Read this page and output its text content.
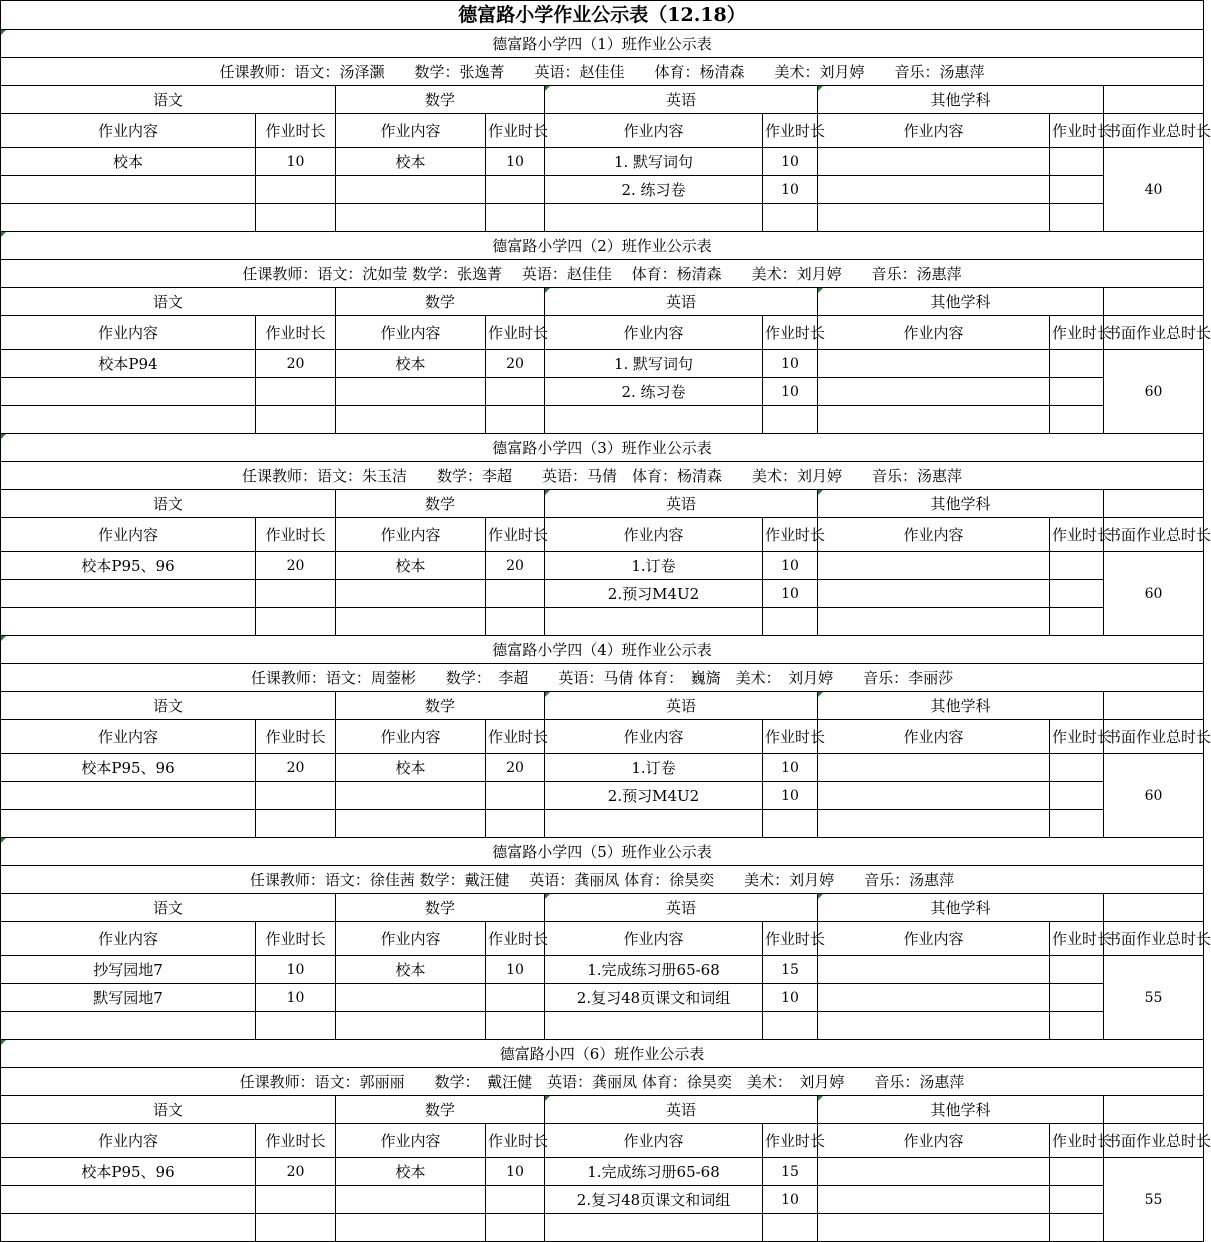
德富路小学作业公示表（12.18）								
德富路小学四（1）班作业公示表								
任课教师：语文：汤泽灏　　数学：张逸菁　　英语：赵佳佳　　体育：杨清森　　美术：刘月婷　　音乐：汤惠萍								
语文		数学		英语		其他学科		
作业内容	作业时长	作业内容	作业时长	作业内容	作业时长	作业内容	作业时长	书面作业总时长
校本	10	校本	10	1. 默写词句	10			40
				2. 练习卷	10			

德富路小学四（2）班作业公示表								
任课教师：语文：沈如莹 数学：张逸菁　 英语：赵佳佳　 体育：杨清森　　美术：刘月婷　　音乐：汤惠萍								
语文		数学		英语		其他学科		
作业内容	作业时长	作业内容	作业时长	作业内容	作业时长	作业内容	作业时长	书面作业总时长
校本P94	20	校本	20	1. 默写词句	10			60
				2. 练习卷	10			

德富路小学四（3）班作业公示表								
任课教师：语文：朱玉洁　　数学：李超　　英语：马倩　体育：杨清森　　美术：刘月婷　　音乐：汤惠萍								
语文		数学		英语		其他学科		
作业内容	作业时长	作业内容	作业时长	作业内容	作业时长	作业内容	作业时长	书面作业总时长
校本P95、96	20	校本	20	1.订卷	10			60
				2.预习M4U2	10			

德富路小学四（4）班作业公示表								
任课教师：语文：周蓥彬　　数学：　李超　　英语：马倩 体育：　巍旖　美术：　刘月婷　　音乐：李丽莎								
语文		数学		英语		其他学科		
作业内容	作业时长	作业内容	作业时长	作业内容	作业时长	作业内容	作业时长	书面作业总时长
校本P95、96	20	校本	20	1.订卷	10			60
				2.预习M4U2	10			

德富路小学四（5）班作业公示表								
任课教师：语文：徐佳茜 数学：戴汪健　 英语：龚丽凤 体育：徐昊奕　　美术：刘月婷　　音乐：汤惠萍								
语文		数学		英语		其他学科		
作业内容	作业时长	作业内容	作业时长	作业内容	作业时长	作业内容	作业时长	书面作业总时长
抄写园地7	10	校本	10	1.完成练习册65-68	15			55
默写园地7	10			2.复习48页课文和词组	10			

德富路小四（6）班作业公示表								
任课教师：语文：郭丽丽　　数学：　戴汪健　英语：龚丽凤 体育：徐昊奕　美术：　刘月婷　　音乐：汤惠萍								
语文		数学		英语		其他学科		
作业内容	作业时长	作业内容	作业时长	作业内容	作业时长	作业内容	作业时长	书面作业总时长
校本P95、96	20	校本	10	1.完成练习册65-68	15			55
				2.复习48页课文和词组	10			
